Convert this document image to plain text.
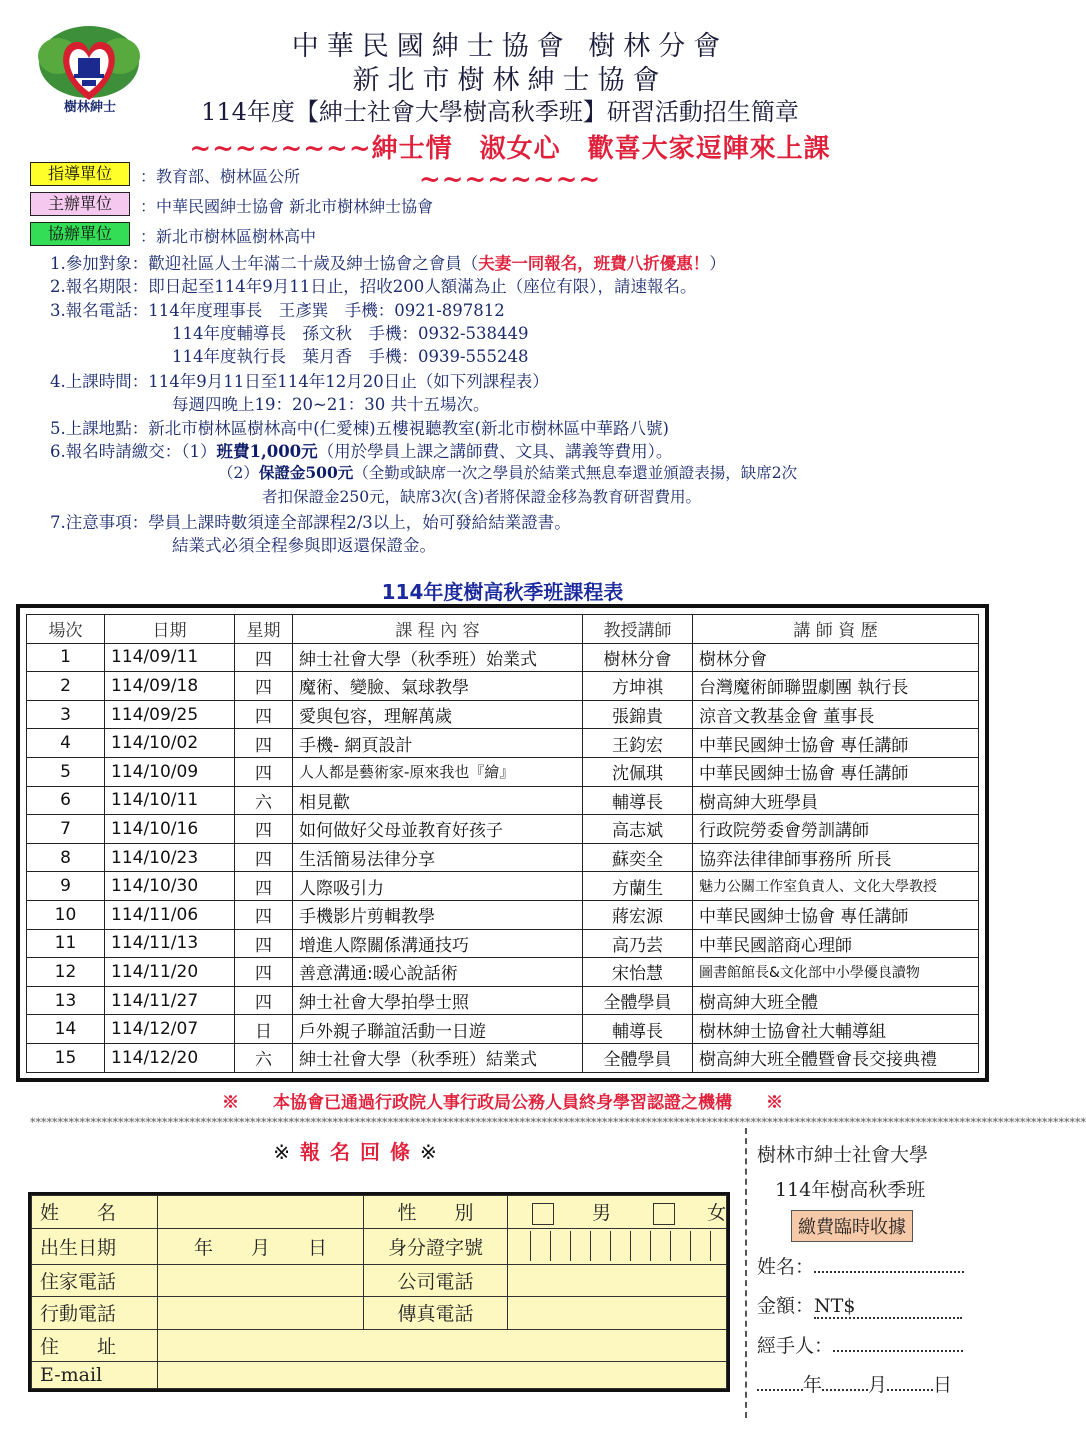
樹林紳士
中華民國紳士協會 樹林分會
新北市樹林紳士協會
114年度【紳士社會大學樹高秋季班】研習活動招生簡章
~~~~~~~~紳士情　淑女心　歡喜大家逗陣來上課~~~~~~~~
指導單位	：教育部、樹林區公所
主辦單位	：中華民國紳士協會 新北市樹林紳士協會
協辦單位	：新北市樹林區樹林高中
1.參加對象：歡迎社區人士年滿二十歲及紳士協會之會員（夫妻一同報名，班費八折優惠！）
2.報名期限：即日起至114年9月11日止，招收200人額滿為止（座位有限），請速報名。
3.報名電話：114年度理事長　王彥巽　手機：0921-897812
114年度輔導長　孫文秋　手機：0932-538449
114年度執行長　葉月香　手機：0939-555248
4.上課時間：114年9月11日至114年12月20日止（如下列課程表）
每週四晚上19：20~21：30 共十五場次。
5.上課地點：新北市樹林區樹林高中(仁愛棟)五樓視聽教室(新北市樹林區中華路八號)
6.報名時請繳交：（1）班費1,000元（用於學員上課之講師費、文具、講義等費用）。
（2）保證金500元（全勤或缺席一次之學員於結業式無息奉還並頒證表揚，缺席2次
者扣保證金250元，缺席3次(含)者將保證金移為教育研習費用。
7.注意事項：學員上課時數須達全部課程2/3以上，始可發給結業證書。
結業式必須全程參與即返還保證金。
114年度樹高秋季班課程表
場次	日期	星期	課 程 內 容	教授講師	講 師 資 歷
1	114/09/11	四	紳士社會大學（秋季班）始業式	樹林分會	樹林分會
2	114/09/18	四	魔術、變臉、氣球教學	方坤祺	台灣魔術師聯盟劇團 執行長
3	114/09/25	四	愛與包容，理解萬歲	張錦貴	涼音文教基金會 董事長
4	114/10/02	四	手機- 網頁設計	王鈞宏	中華民國紳士協會 專任講師
5	114/10/09	四	人人都是藝術家-原來我也『繪』	沈佩琪	中華民國紳士協會 專任講師
6	114/10/11	六	相見歡	輔導長	樹高紳大班學員
7	114/10/16	四	如何做好父母並教育好孩子	高志斌	行政院勞委會勞訓講師
8	114/10/23	四	生活簡易法律分享	蘇奕全	協弈法律律師事務所 所長
9	114/10/30	四	人際吸引力	方蘭生	魅力公關工作室負責人、文化大學教授
10	114/11/06	四	手機影片剪輯教學	蔣宏源	中華民國紳士協會 專任講師
11	114/11/13	四	增進人際關係溝通技巧	高乃芸	中華民國諮商心理師
12	114/11/20	四	善意溝通:暖心說話術	宋怡慧	圖書館館長&文化部中小學優良讀物
13	114/11/27	四	紳士社會大學拍學士照	全體學員	樹高紳大班全體
14	114/12/07	日	戶外親子聯誼活動一日遊	輔導長	樹林紳士協會社大輔導組
15	114/12/20	六	紳士社會大學（秋季班）結業式	全體學員	樹高紳大班全體暨會長交接典禮
※　　本協會已通過行政院人事行政局公務人員終身學習認證之機構　　※
************************************************************************************************************************************************************************************************
※報名回條※
姓　　名		性　　別	男 女
出生日期	年　　月　　日	身分證字號	
住家電話		公司電話	
行動電話		傳真電話	
住　　址			
E-mail			
樹林市紳士社會大學
114年樹高秋季班
繳費臨時收據
姓名：
金額：NT$
經手人：
年 月 日
